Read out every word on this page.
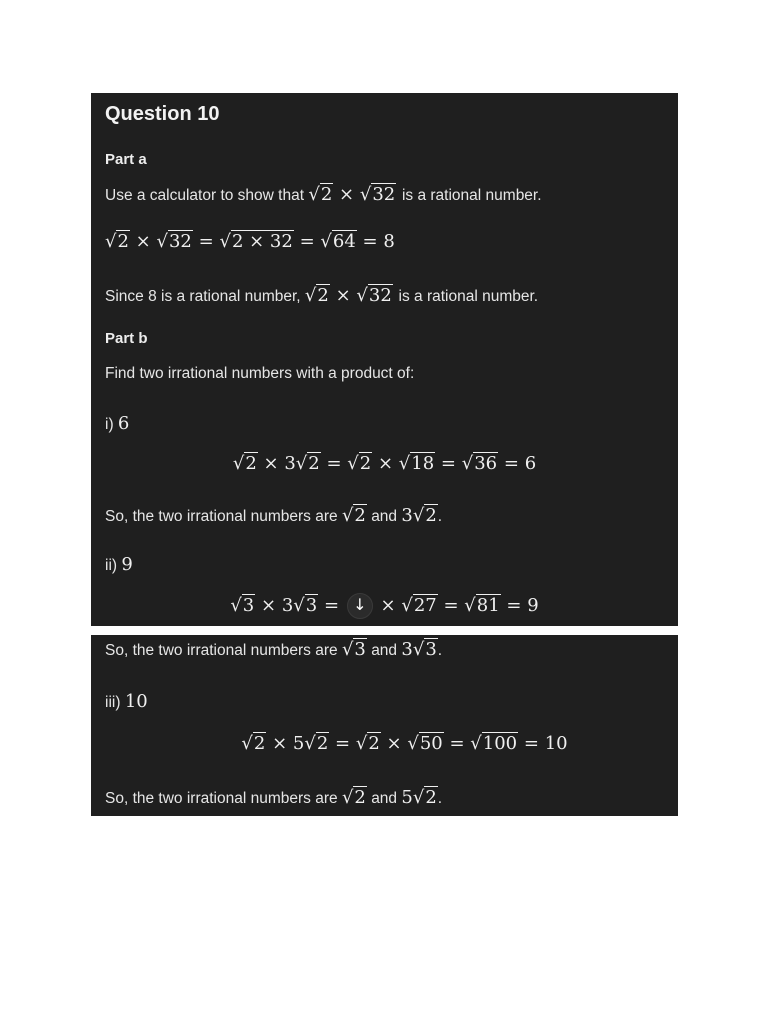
Question 10
Part a
Use a calculator to show that √2 × √32 is a rational number.
√2 × √32 = √2 × 32 = √64 = 8
Since 8 is a rational number, √2 × √32 is a rational number.
Part b
Find two irrational numbers with a product of:
i) 6
√2 × 3√2 = √2 × √18 = √36 = 6
So, the two irrational numbers are √2 and 3√2.
ii) 9
√3 × 3√3 = ↓ × √27 = √81 = 9
So, the two irrational numbers are √3 and 3√3.
iii) 10
√2 × 5√2 = √2 × √50 = √100 = 10
So, the two irrational numbers are √2 and 5√2.
